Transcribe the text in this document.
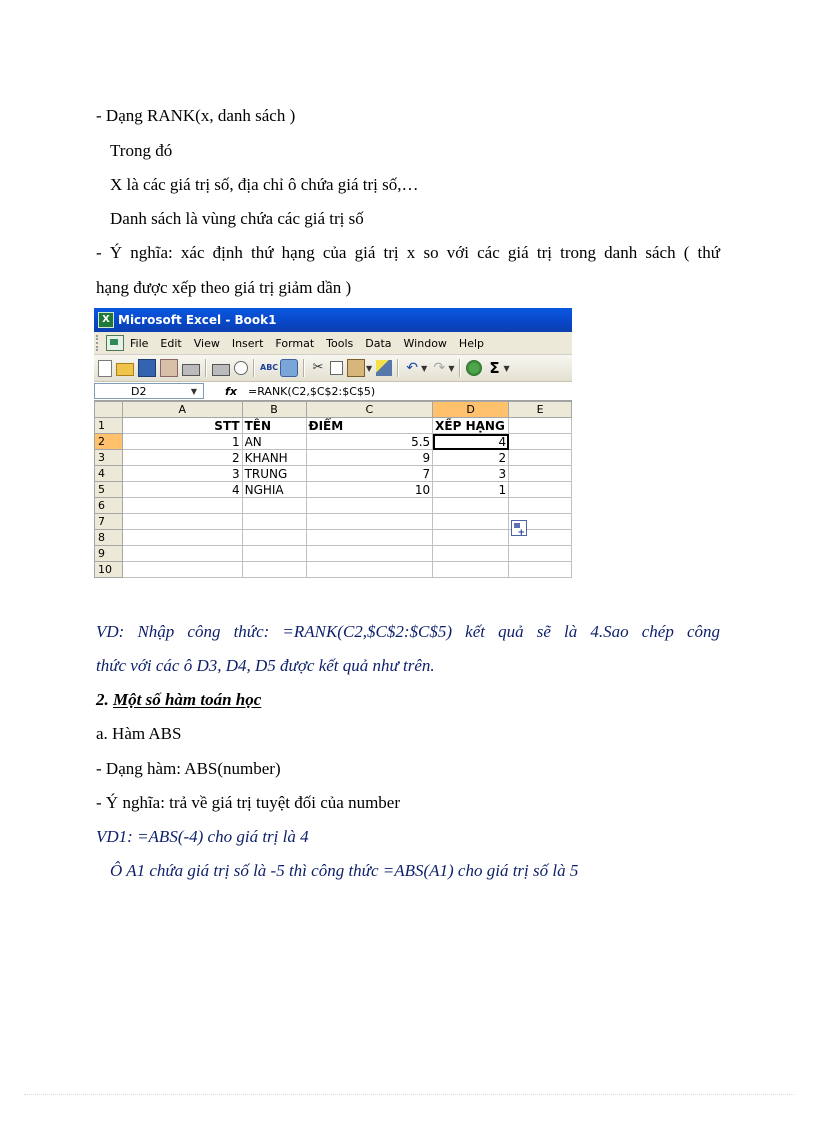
- Dạng RANK(x, danh sách )
Trong đó
X là các giá trị số, địa chỉ ô chứa giá trị số,…
Danh sách là vùng chứa các giá trị số
- Ý nghĩa: xác định thứ hạng của giá trị x so với các giá trị trong danh sách ( thứ
hạng được xếp theo giá trị giảm dần )
X Microsoft Excel - Book1
File Edit View Insert Format Tools Data Window Help
ABC	✂	▼ ↶ ▼ ↷ ▼ Σ ▼
D2	▼	fx	=RANK(C2,$C$2:$C$5)
	A	B	C	D	E
1	STT	TÊN	ĐIỂM	XẾP HẠNG	
2	1	AN	5.5	4	
3	2	KHANH	9	2	
4	3	TRUNG	7	3	
5	4	NGHIA	10	1	
6					
7					
8					
9					
10					
+
VD: Nhập công thức: =RANK(C2,$C$2:$C$5) kết quả sẽ là 4.Sao chép công
thức với các ô D3, D4, D5 được kết quả như trên.
2. Một số hàm toán học
a. Hàm ABS
- Dạng hàm: ABS(number)
- Ý nghĩa: trả về giá trị tuyệt đối của number
VD1: =ABS(-4) cho giá trị là 4
Ô A1 chứa giá trị số là -5 thì công thức =ABS(A1) cho giá trị số là 5
